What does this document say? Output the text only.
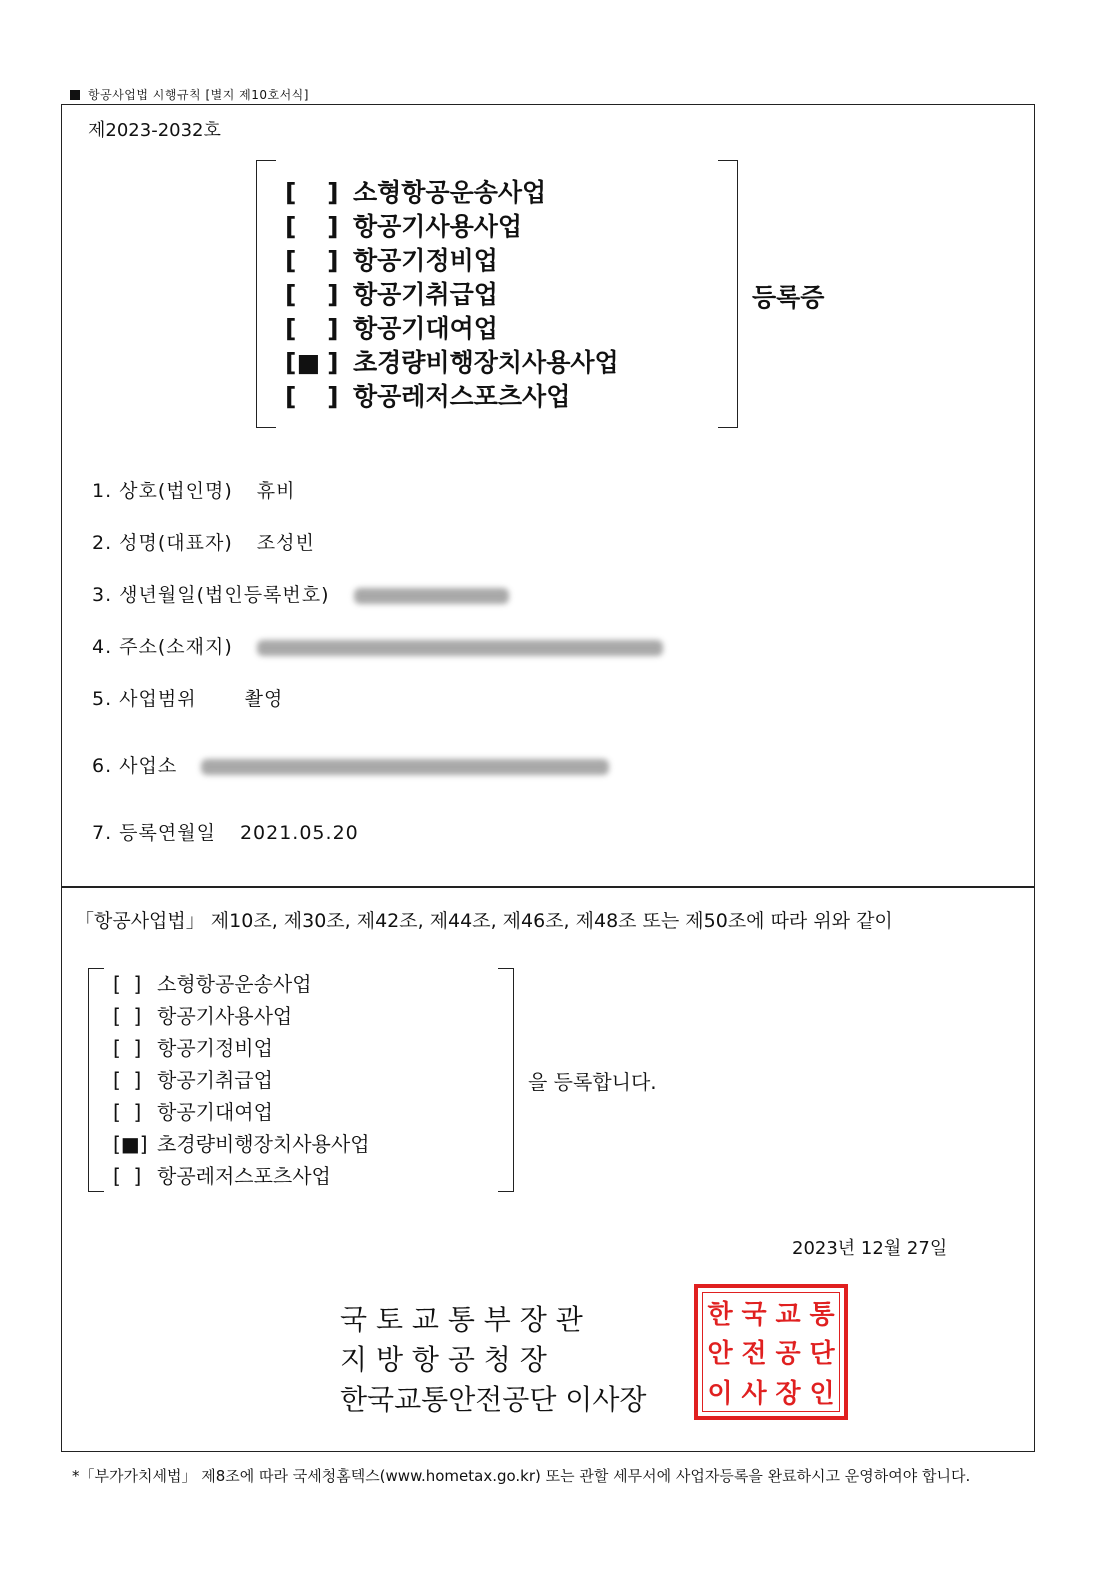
항공사업법 시행규칙 [별지 제10호서식]
제2023-2032호
[ ] 소형항공운송사업
[ ] 항공기사용사업
[ ] 항공기정비업
[ ] 항공기취급업
[ ] 항공기대여업
[■ ] 초경량비행장치사용사업
[ ] 항공레저스포츠사업
등록증
1. 상호(법인명) 휴비
2. 성명(대표자) 조성빈
3. 생년월일(법인등록번호)
4. 주소(소재지)
5. 사업범위	촬영
6. 사업소
7. 등록연월일 2021.05.20
「항공사업법」 제10조, 제30조, 제42조, 제44조, 제46조, 제48조 또는 제50조에 따라 위와 같이
[  ] 소형항공운송사업
[  ] 항공기사용사업
[  ] 항공기정비업
[  ] 항공기취급업
[  ] 항공기대여업
[■] 초경량비행장치사용사업
[  ] 항공레저스포츠사업
을 등록합니다.
2023년 12월 27일
국 토 교 통 부 장 관
지 방 항 공 청 장
한국교통안전공단 이사장
한 국 교 통
안 전 공 단
이 사 장 인
*「부가가치세법」 제8조에 따라 국세청홈텍스(www.hometax.go.kr) 또는 관할 세무서에 사업자등록을 완료하시고 운영하여야 합니다.
